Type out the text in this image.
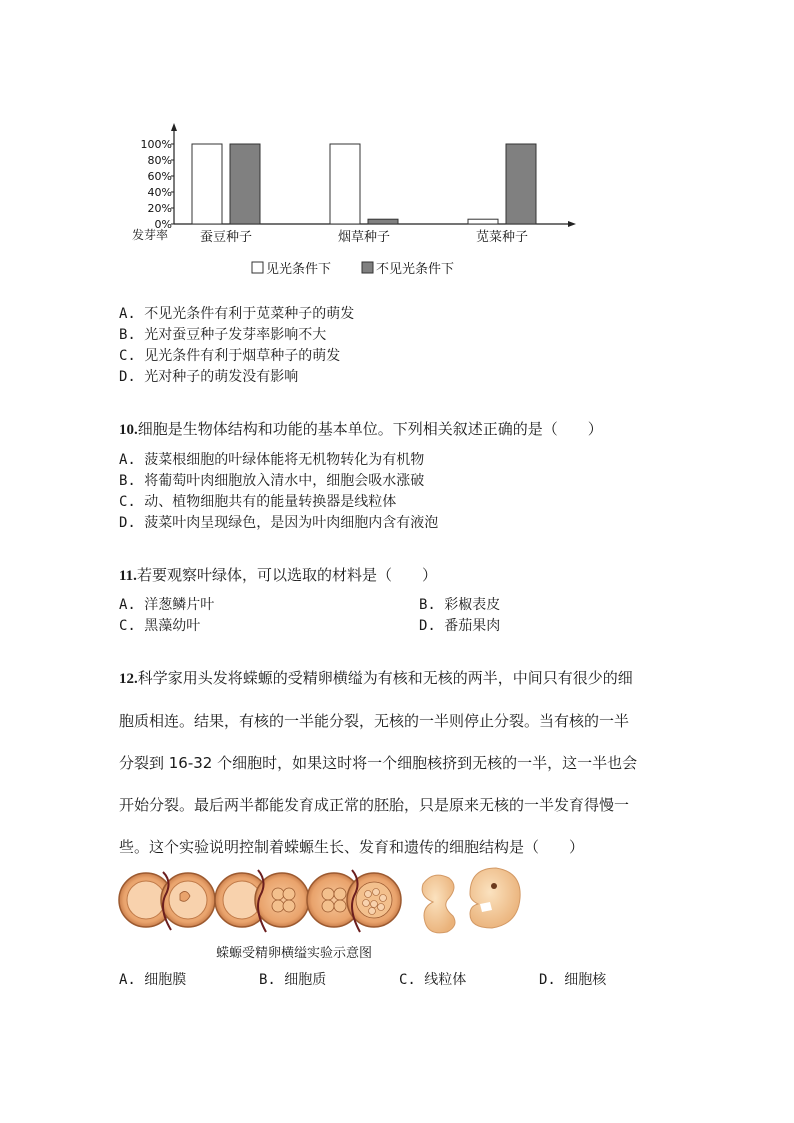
0%
20%
40%
60%
80%
100%
发芽率 蚕豆种子	烟草种子	苋菜种子
见光条件下	不见光条件下
A. 不见光条件有利于苋菜种子的萌发
B. 光对蚕豆种子发芽率影响不大
C. 见光条件有利于烟草种子的萌发
D. 光对种子的萌发没有影响
10.细胞是生物体结构和功能的基本单位。下列相关叙述正确的是（　　）
A. 菠菜根细胞的叶绿体能将无机物转化为有机物
B. 将葡萄叶肉细胞放入清水中，细胞会吸水涨破
C. 动、植物细胞共有的能量转换器是线粒体
D. 菠菜叶肉呈现绿色，是因为叶肉细胞内含有液泡
11.若要观察叶绿体，可以选取的材料是（　　）
A. 洋葱鳞片叶	B. 彩椒表皮
C. 黑藻幼叶	D. 番茄果肉
12.科学家用头发将蝾螈的受精卵横缢为有核和无核的两半，中间只有很少的细
胞质相连。结果，有核的一半能分裂，无核的一半则停止分裂。当有核的一半
分裂到 16-32 个细胞时，如果这时将一个细胞核挤到无核的一半，这一半也会
开始分裂。最后两半都能发育成正常的胚胎，只是原来无核的一半发育得慢一
些。这个实验说明控制着蝾螈生长、发育和遗传的细胞结构是（　　）
蝾螈受精卵横缢实验示意图
A. 细胞膜	B. 细胞质	C. 线粒体	D. 细胞核
